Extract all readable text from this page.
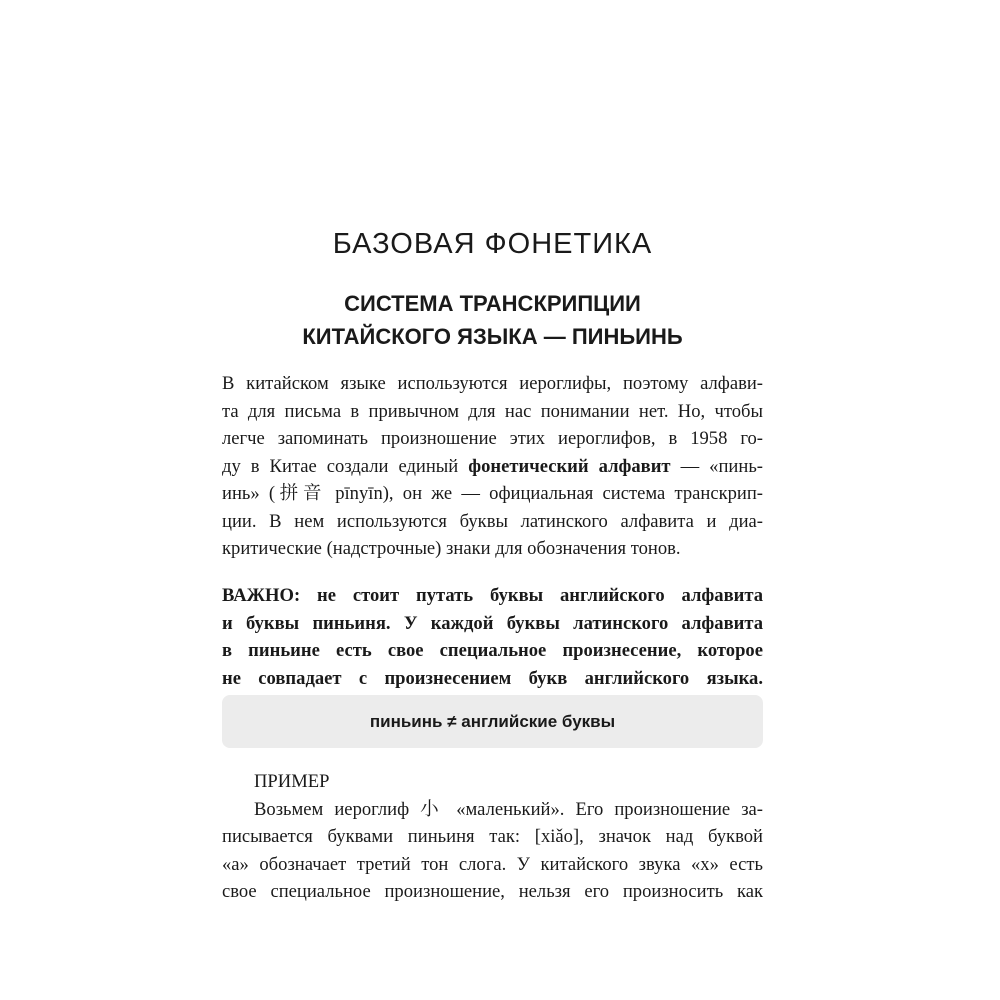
БАЗОВАЯ ФОНЕТИКА
СИСТЕМА ТРАНСКРИПЦИИ
КИТАЙСКОГО ЯЗЫКА — ПИНЬИНЬ
В китайском языке используются иероглифы, поэтому алфави-
та для письма в привычном для нас понимании нет. Но, чтобы
легче запоминать произношение этих иероглифов, в 1958 го-
ду в Китае создали единый фонетический алфавит — «пинь-
инь» (拼音 pīnyīn), он же — официальная система транскрип-
ции. В нем используются буквы латинского алфавита и диа-
критические (надстрочные) знаки для обозначения тонов.
ВАЖНО: не стоит путать буквы английского алфавита
и буквы пиньиня. У каждой буквы латинского алфавита
в пиньине есть свое специальное произнесение, которое
не совпадает с произнесением букв английского языка.
пиньинь ≠ английские буквы
ПРИМЕР
Возьмем иероглиф 小 «маленький». Его произношение за-
писывается буквами пиньиня так: [xiǎo], значок над буквой
«a» обозначает третий тон слога. У китайского звука «x» есть
свое специальное произношение, нельзя его произносить как
